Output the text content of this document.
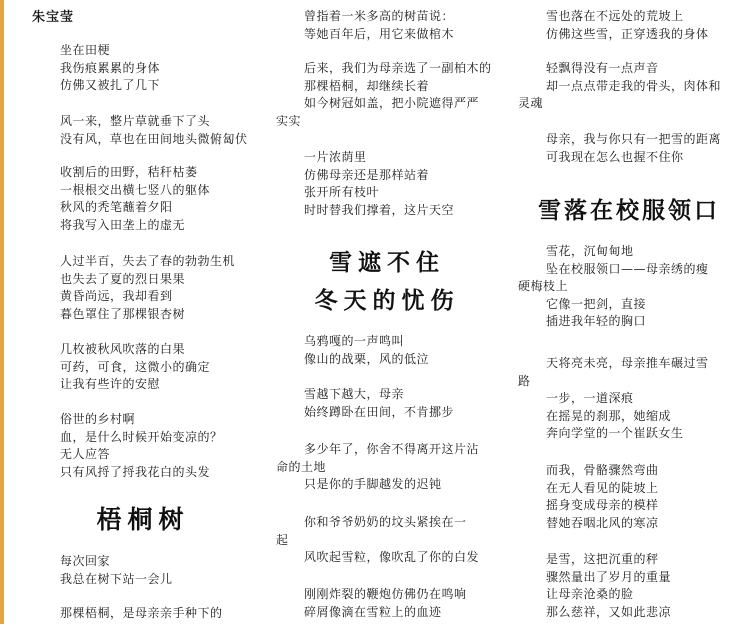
朱宝莹
坐在田梗
我伤痕累累的身体
仿佛又被扎了几下
风一来，整片草就垂下了头
没有风，草也在田间地头微俯匐伏
收割后的田野，秸秆枯萎
一根根交出横七竖八的躯体
秋风的秃笔蘸着夕阳
将我写入田垄上的虚无
人过半百，失去了春的勃勃生机
也失去了夏的烈日果果
黄昏尚远，我却看到
暮色罩住了那棵银杏树
几枚被秋风吹落的白果
可药，可食，这微小的确定
让我有些许的安慰
俗世的乡村啊
血，是什么时候开始变凉的？
无人应答
只有风捋了捋我花白的头发
梧桐树
每次回家
我总在树下站一会儿
那棵梧桐，是母亲亲手种下的
曾指着一米多高的树苗说：
等她百年后，用它来做棺木
后来，我们为母亲选了一副柏木的
那棵梧桐，却继续长着
如今树冠如盖，把小院遮得严严
实实
一片浓荫里
仿佛母亲还是那样站着
张开所有枝叶
时时替我们撑着，这片天空
雪遮不住
冬天的忧伤
乌鸦嘎的一声鸣叫
像山的战栗，风的低泣
雪越下越大，母亲
始终蹲卧在田间，不肯挪步
多少年了，你舍不得离开这片沾
命的土地
只是你的手脚越发的迟钝
你和爷爷奶奶的坟头紧挨在一
起
风吹起雪粒，像吹乱了你的白发
刚刚炸裂的鞭炮仿佛仍在鸣响
碎屑像滴在雪粒上的血迹
雪也落在不远处的荒坡上
仿佛这些雪，正穿透我的身体
轻飘得没有一点声音
却一点点带走我的骨头，肉体和
灵魂
母亲，我与你只有一把雪的距离
可我现在怎么也握不住你
雪落在校服领口
雪花，沉甸甸地
坠在校服领口——母亲绣的瘦
硬梅枝上
它像一把剑，直接
插进我年轻的胸口
天将亮未亮，母亲推车碾过雪
路
一步，一道深痕
在摇晃的刹那，她缩成
奔向学堂的一个崔跃女生
而我，骨骼骤然弯曲
在无人看见的陡坡上
摇身变成母亲的模样
替她吞咽北风的寒凉
是雪，这把沉重的秤
骤然量出了岁月的重量
让母亲沧桑的脸
那么慈祥，又如此悲凉
